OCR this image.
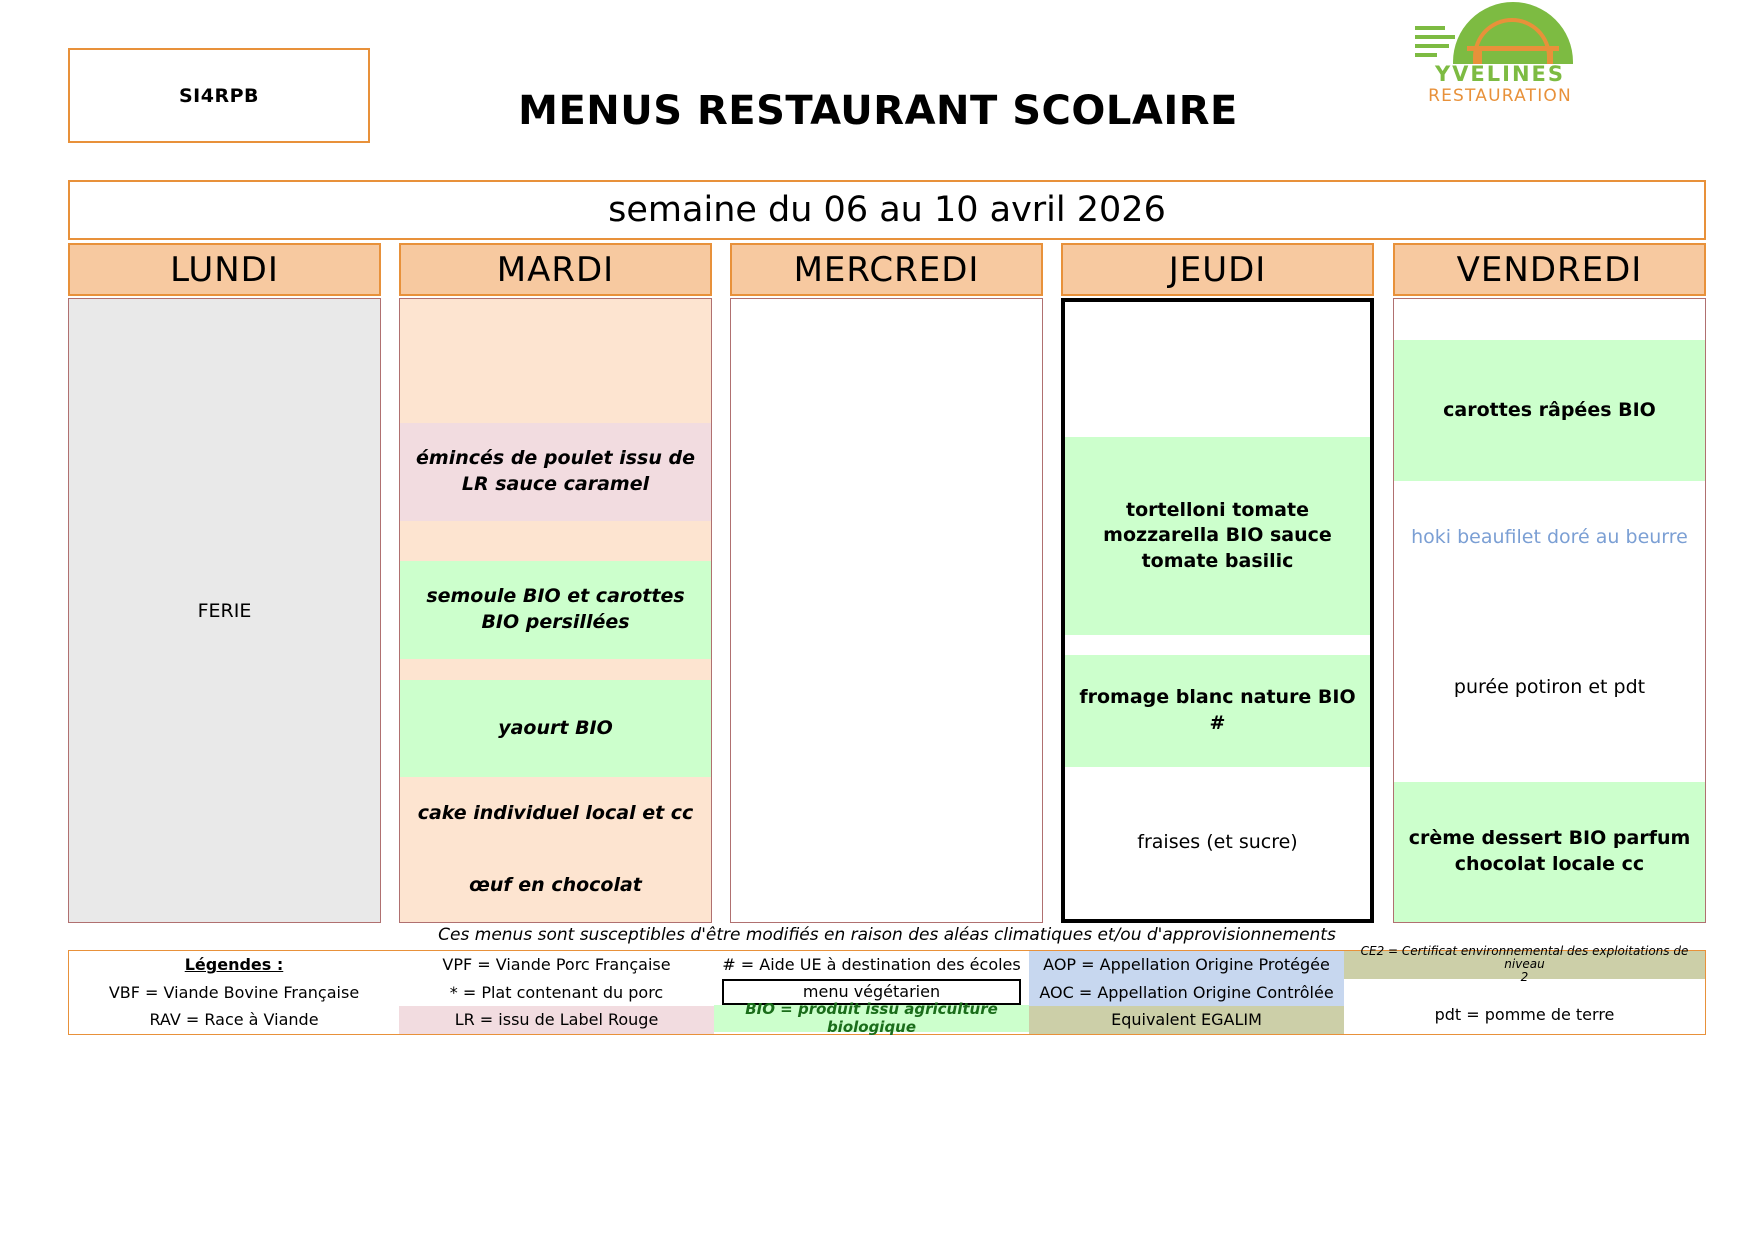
SI4RPB	MENUS RESTAURANT SCOLAIRE
YVELINES
RESTAURATION
semaine du 06 au 10 avril 2026
LUNDI
FERIE
MARDI
émincés de poulet issu de LR sauce caramel
semoule BIO et carottes BIO persillées
yaourt BIO
cake individuel local et cc
œuf en chocolat
MERCREDI	JEUDI
tortelloni tomate mozzarella BIO sauce tomate basilic
fromage blanc nature BIO #
fraises (et sucre)
VENDREDI
carottes râpées BIO
hoki beaufilet doré au beurre
purée potiron et pdt
crème dessert BIO parfum chocolat locale cc
Ces menus sont susceptibles d'être modifiés en raison des aléas climatiques et/ou d'approvisionnements
Légendes :
VBF = Viande Bovine Française
RAV = Race à Viande
VPF = Viande Porc Française
* = Plat contenant du porc
LR = issu de Label Rouge
# = Aide UE à destination des écoles
menu végétarien
BIO = produit issu agriculture biologique
AOP = Appellation Origine Protégée
AOC = Appellation Origine Contrôlée
Equivalent EGALIM
CE2 = Certificat environnemental des exploitations de niveau
2
pdt = pomme de terre
